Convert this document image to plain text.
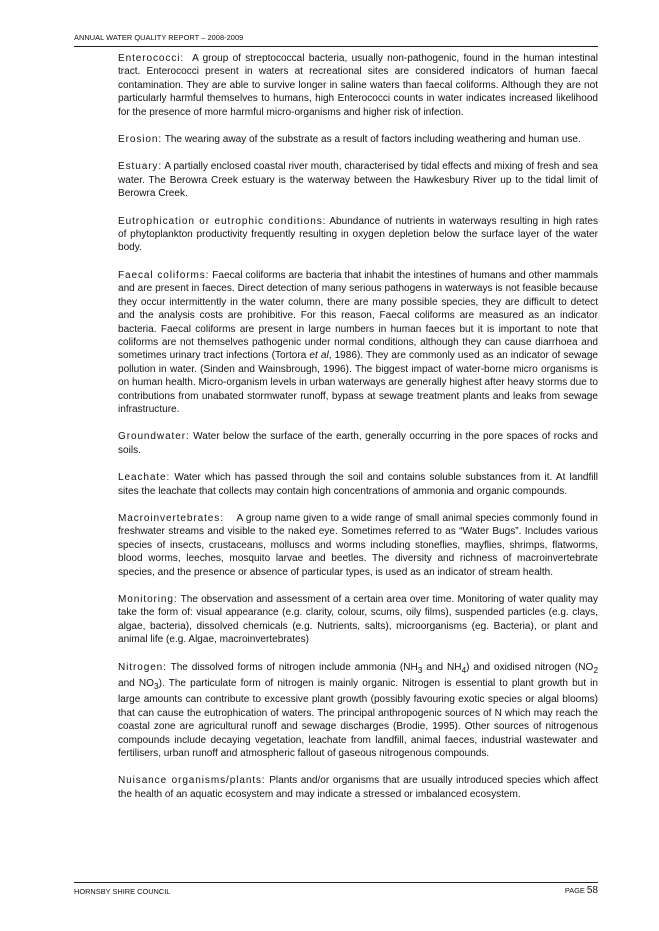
ANNUAL WATER QUALITY REPORT – 2008-2009

Enterococci: A group of streptococcal bacteria, usually non-pathogenic, found in the human intestinal tract. Enterococci present in waters at recreational sites are considered indicators of human faecal contamination. They are able to survive longer in saline waters than faecal coliforms. Although they are not particularly harmful themselves to humans, high Enterococci counts in water indicates increased likelihood for the presence of more harmful micro-organisms and higher risk of infection.

Erosion: The wearing away of the substrate as a result of factors including weathering and human use.

Estuary: A partially enclosed coastal river mouth, characterised by tidal effects and mixing of fresh and sea water. The Berowra Creek estuary is the waterway between the Hawkesbury River up to the tidal limit of Berowra Creek.

Eutrophication or eutrophic conditions: Abundance of nutrients in waterways resulting in high rates of phytoplankton productivity frequently resulting in oxygen depletion below the surface layer of the water body.

Faecal coliforms: Faecal coliforms are bacteria that inhabit the intestines of humans and other mammals and are present in faeces. Direct detection of many serious pathogens in waterways is not feasible because they occur intermittently in the water column, there are many possible species, they are difficult to detect and the analysis costs are prohibitive. For this reason, Faecal coliforms are measured as an indicator bacteria. Faecal coliforms are present in large numbers in human faeces but it is important to note that coliforms are not themselves pathogenic under normal conditions, although they can cause diarrhoea and sometimes urinary tract infections (Tortora et al, 1986). They are commonly used as an indicator of sewage pollution in water. (Sinden and Wainsbrough, 1996). The biggest impact of water-borne micro organisms is on human health. Micro-organism levels in urban waterways are generally highest after heavy storms due to contributions from unabated stormwater runoff, bypass at sewage treatment plants and leaks from sewage infrastructure.

Groundwater: Water below the surface of the earth, generally occurring in the pore spaces of rocks and soils.

Leachate: Water which has passed through the soil and contains soluble substances from it. At landfill sites the leachate that collects may contain high concentrations of ammonia and organic compounds.

Macroinvertebrates: A group name given to a wide range of small animal species commonly found in freshwater streams and visible to the naked eye. Sometimes referred to as “Water Bugs”. Includes various species of insects, crustaceans, molluscs and worms including stoneflies, mayflies, shrimps, flatworms, blood worms, leeches, mosquito larvae and beetles. The diversity and richness of macroinvertebrate species, and the presence or absence of particular types, is used as an indicator of stream health.

Monitoring: The observation and assessment of a certain area over time. Monitoring of water quality may take the form of: visual appearance (e.g. clarity, colour, scums, oily films), suspended particles (e.g. clays, algae, bacteria), dissolved chemicals (e.g. Nutrients, salts), microorganisms (eg. Bacteria), or plant and animal life (e.g. Algae, macroinvertebrates)

Nitrogen: The dissolved forms of nitrogen include ammonia ($NH_3$ and $NH_4$) and oxidised nitrogen ($NO_2$ and $NO_3$). The particulate form of nitrogen is mainly organic. Nitrogen is essential to plant growth but in large amounts can contribute to excessive plant growth (possibly favouring exotic species or algal blooms) that can cause the eutrophication of waters. The principal anthropogenic sources of N which may reach the coastal zone are agricultural runoff and sewage discharges (Brodie, 1995). Other sources of nitrogenous compounds include decaying vegetation, leachate from landfill, animal faeces, industrial wastewater and fertilisers, urban runoff and atmospheric fallout of gaseous nitrogenous compounds.

Nuisance organisms/plants: Plants and/or organisms that are usually introduced species which affect the health of an aquatic ecosystem and may indicate a stressed or imbalanced ecosystem.

HORNSBY SHIRE COUNCIL	PAGE 58
